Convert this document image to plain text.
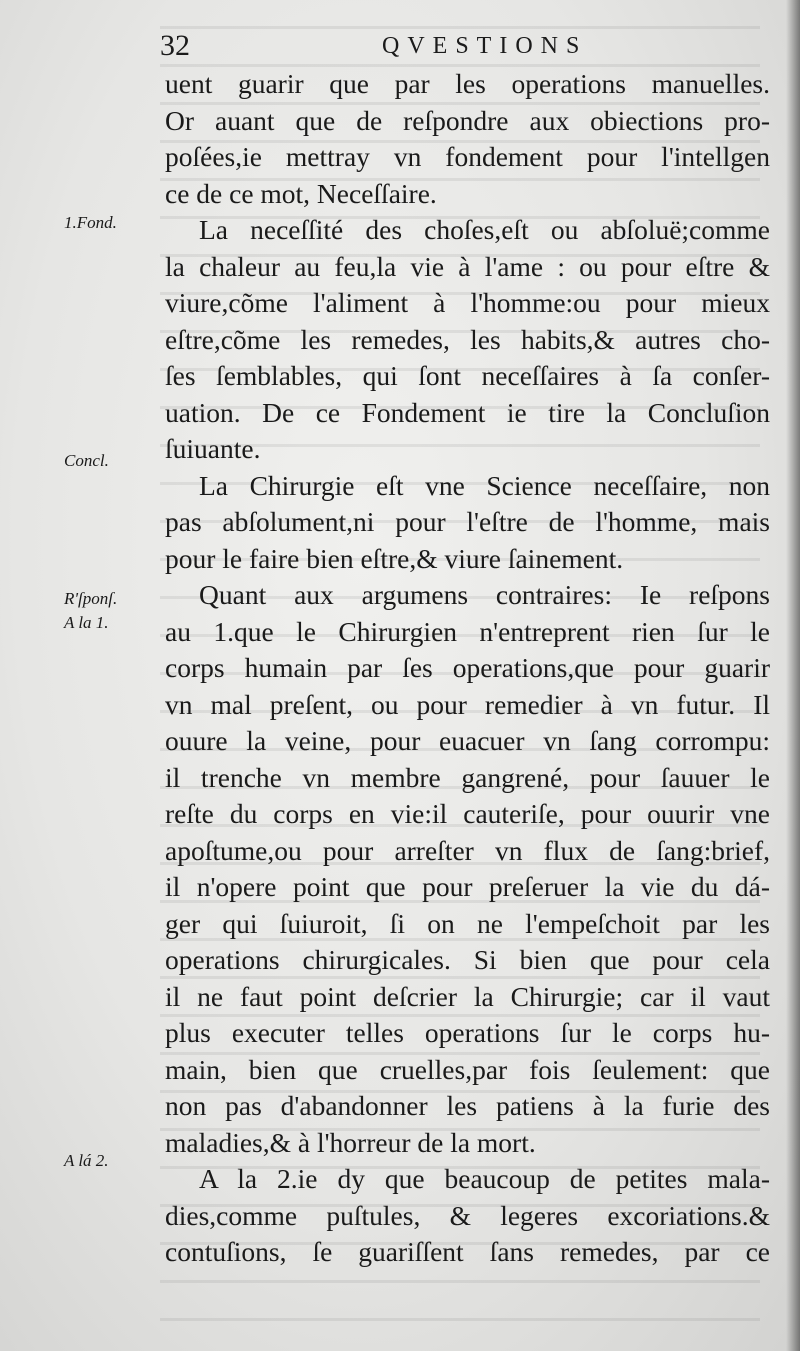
32	QVESTIONS
1.Fond.
Concl.
R'ſponſ.
A la 1.
A lá 2.
uent guarir que par les operations manuelles.
Or auant que de reſpondre aux obiections pro-
poſées,ie mettray vn fondement pour l'intellgen
ce de ce mot, Neceſſaire.
La neceſſité des choſes,eſt ou abſoluë;comme
la chaleur au feu,la vie à l'ame : ou pour eſtre &
viure,cõme l'aliment à l'homme:ou pour mieux
eſtre,cõme les remedes, les habits,& autres cho-
ſes ſemblables, qui ſont neceſſaires à ſa conſer-
uation. De ce Fondement ie tire la Concluſion
ſuiuante.
La Chirurgie eſt vne Science neceſſaire, non
pas abſolument,ni pour l'eſtre de l'homme, mais
pour le faire bien eſtre,& viure ſainement.
Quant aux argumens contraires: Ie reſpons
au 1.que le Chirurgien n'entreprent rien ſur le
corps humain par ſes operations,que pour guarir
vn mal preſent, ou pour remedier à vn futur. Il
ouure la veine, pour euacuer vn ſang corrompu:
il trenche vn membre gangrené, pour ſauuer le
reſte du corps en vie:il cauteriſe, pour ouurir vne
apoſtume,ou pour arreſter vn flux de ſang:brief,
il n'opere point que pour preſeruer la vie du dá-
ger qui ſuiuroit, ſi on ne l'empeſchoit par les
operations chirurgicales. Si bien que pour cela
il ne faut point deſcrier la Chirurgie; car il vaut
plus executer telles operations ſur le corps hu-
main, bien que cruelles,par fois ſeulement: que
non pas d'abandonner les patiens à la furie des
maladies,& à l'horreur de la mort.
A la 2.ie dy que beaucoup de petites mala-
dies,comme puſtules, & legeres excoriations.&
contuſions, ſe guariſſent ſans remedes, par ce
